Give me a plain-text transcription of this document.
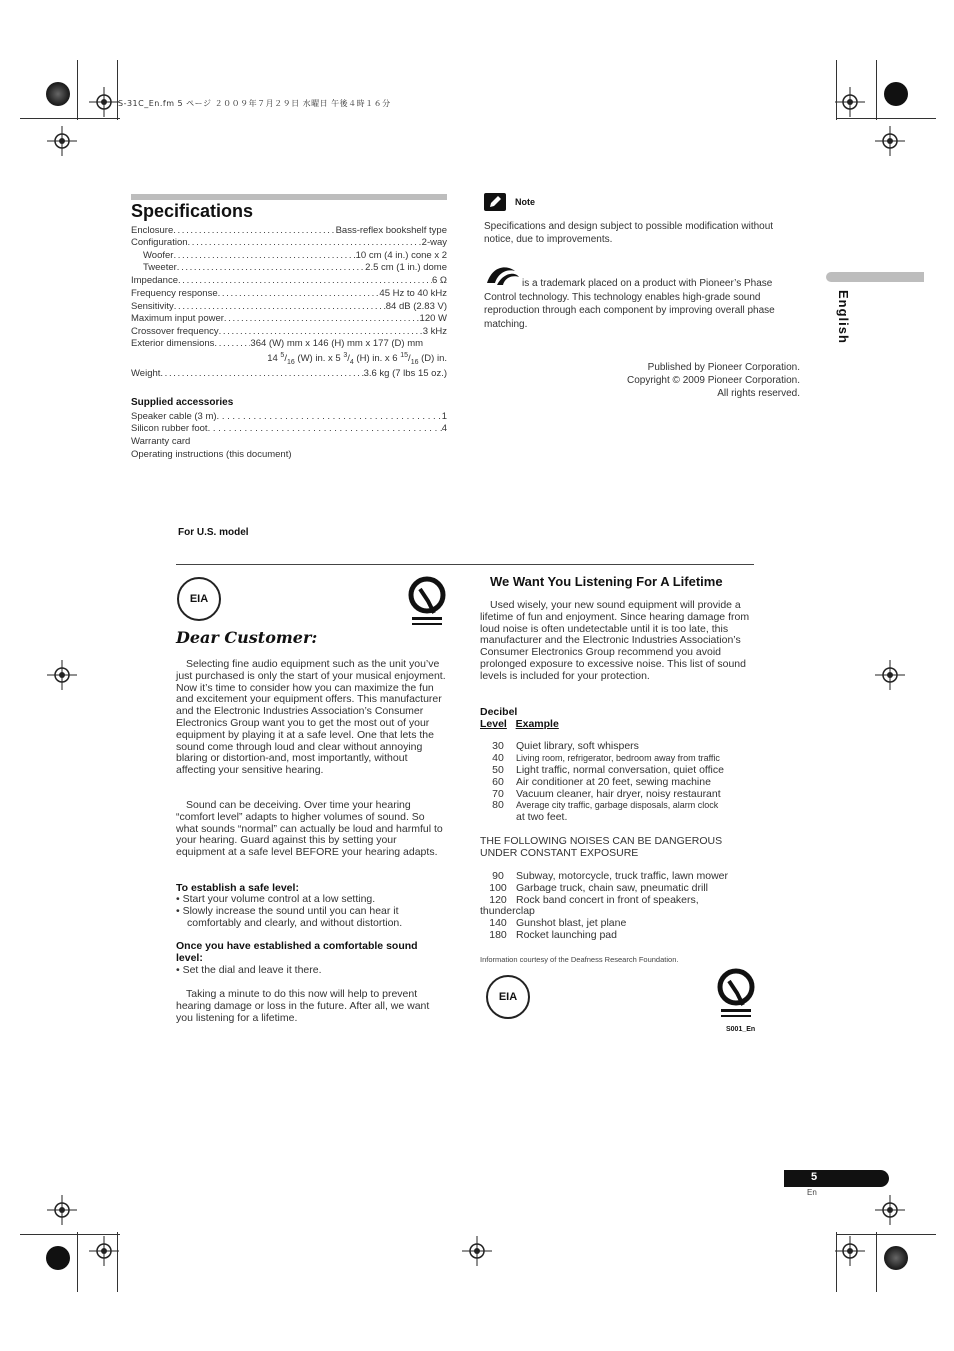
S-31C_En.fm 5 ページ ２００９年７月２９日 水曜日 午後４時１６分
Specifications
Enclosure . . .	Bass-reflex bookshelf type
Configuration . . .	2-way
Woofer . . .	10 cm (4 in.) cone x 2
Tweeter . . .	2.5 cm (1 in.) dome
Impedance . . .	6 Ω
Frequency response . . .	45 Hz to 40 kHz
Sensitivity . . .	84 dB (2.83 V)
Maximum input power . . .	120 W
Crossover frequency . . .	3 kHz
Exterior dimensions . . .	364 (W) mm x 146 (H) mm x 177 (D) mm
14 $^5/_{16}$ (W) in. x 5 $^3/_4$ (H) in. x 6 $^{15}/_{16}$ (D) in.
Weight . . .	3.6 kg (7 lbs 15 oz.)
Supplied accessories
Speaker cable (3 m) . . .	1
Silicon rubber foot . . .	4
Warranty card
Operating instructions (this document)
Note
Specifications and design subject to possible modification without notice, due to improvements.
is a trademark placed on a product with Pioneer’s Phase Control technology. This technology enables high-grade sound reproduction through each component by improving overall phase matching.
Published by Pioneer Corporation.
Copyright © 2009 Pioneer Corporation.
All rights reserved.
English
For U.S. model
EIA
Dear Customer:

Selecting fine audio equipment such as the unit you’ve just purchased is only the start of your musical enjoyment. Now it’s time to consider how you can maximize the fun and excitement your equipment offers. This manufacturer and the Electronic Industries Association’s Consumer Electronics Group want you to get the most out of your equipment by playing it at a safe level. One that lets the sound come through loud and clear without annoying blaring or distortion-and, most importantly, without affecting your sensitive hearing.

Sound can be deceiving. Over time your hearing “comfort level” adapts to higher volumes of sound. So what sounds “normal” can actually be loud and harmful to your hearing. Guard against this by setting your equipment at a safe level BEFORE your hearing adapts.

To establish a safe level:
• Start your volume control at a low setting.
• Slowly increase the sound until you can hear it comfortably and clearly, and without distortion.
Once you have established a comfortable sound level:
• Set the dial and leave it there.

Taking a minute to do this now will help to prevent hearing damage or loss in the future. After all, we want you listening for a lifetime.

We Want You Listening For A Lifetime

Used wisely, your new sound equipment will provide a lifetime of fun and enjoyment. Since hearing damage from loud noise is often undetectable until it is too late, this manufacturer and the Electronic Industries Association’s Consumer Electronics Group recommend you avoid prolonged exposure to excessive noise. This list of sound levels is included for your protection.

Decibel
Level Example
30 Quiet library, soft whispers
40 Living room, refrigerator, bedroom away from traffic
50 Light traffic, normal conversation, quiet office
60 Air conditioner at 20 feet, sewing machine
70 Vacuum cleaner, hair dryer, noisy restaurant
80 Average city traffic, garbage disposals, alarm clock
at two feet.
THE FOLLOWING NOISES CAN BE DANGEROUS UNDER CONSTANT EXPOSURE
90 Subway, motorcycle, truck traffic, lawn mower
100 Garbage truck, chain saw, pneumatic drill
120 Rock band concert in front of speakers,
thunderclap
140 Gunshot blast, jet plane
180 Rocket launching pad
Information courtesy of the Deafness Research Foundation.
EIA
S001_En
5
En
